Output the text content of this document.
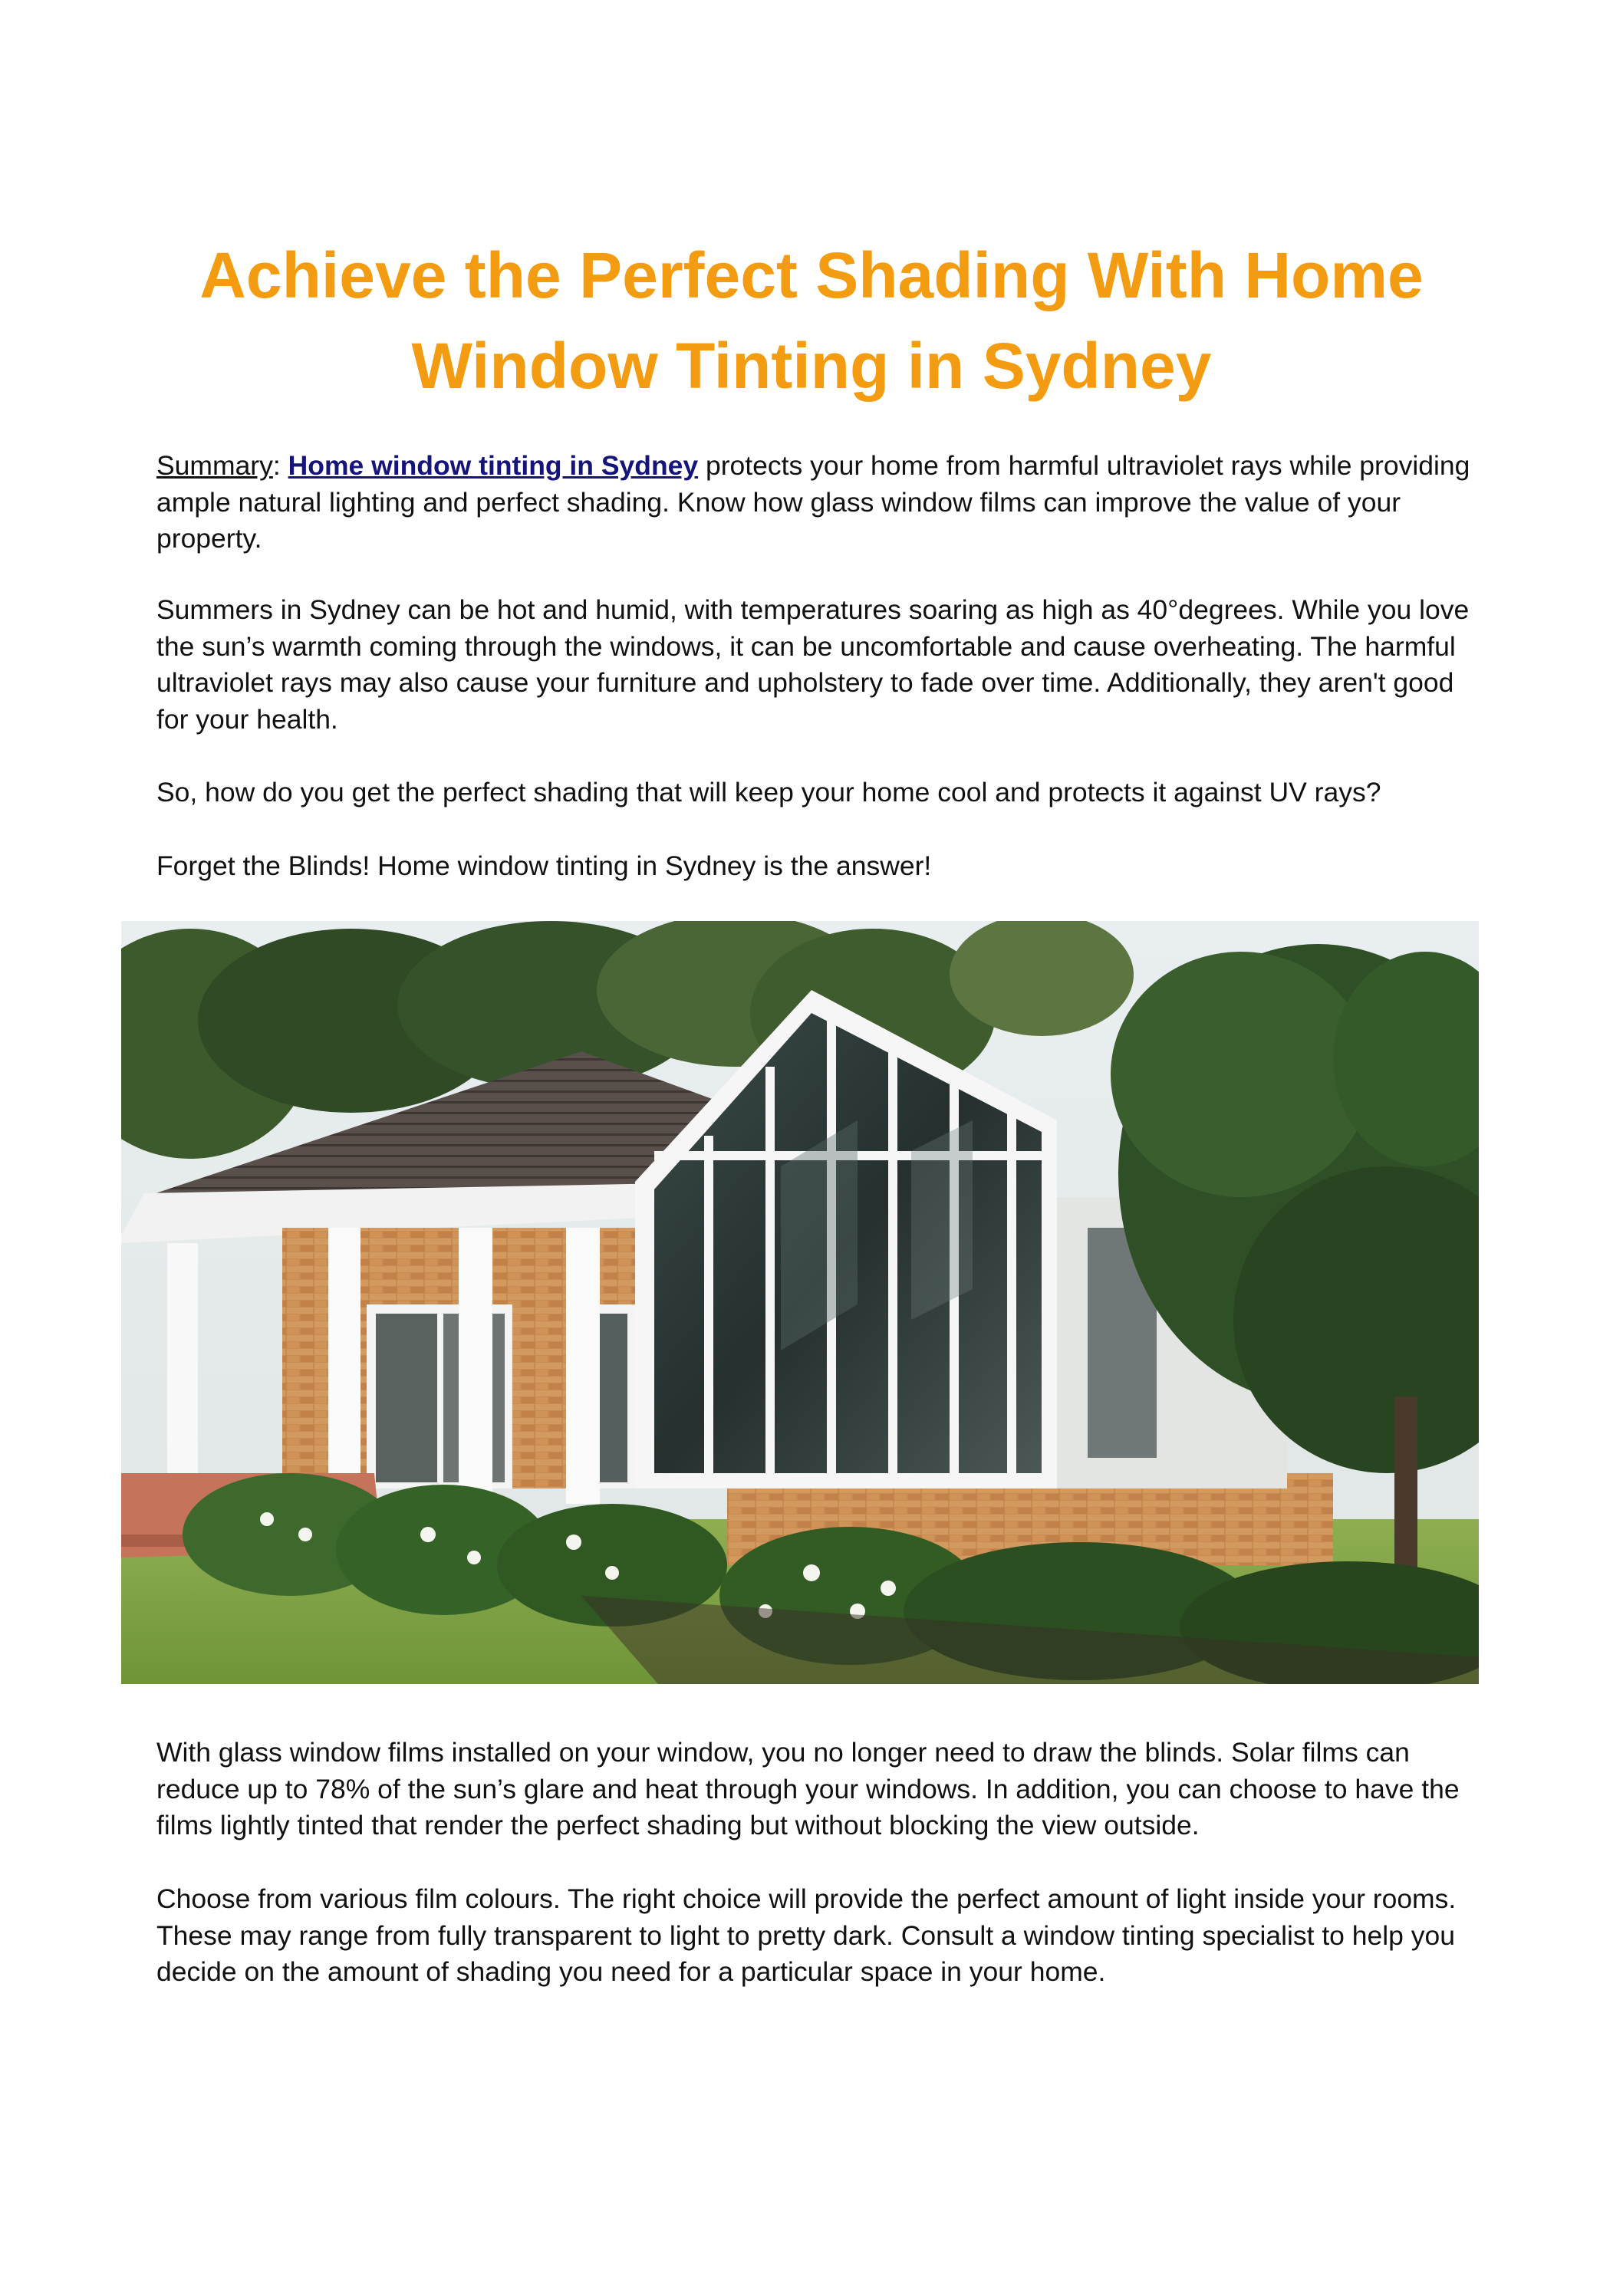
Achieve the Perfect Shading With Home Window Tinting in Sydney

Summary: Home window tinting in Sydney protects your home from harmful ultraviolet rays while providing ample natural lighting and perfect shading. Know how glass window films can improve the value of your property.

Summers in Sydney can be hot and humid, with temperatures soaring as high as 40°degrees. While you love the sun’s warmth coming through the windows, it can be uncomfortable and cause overheating. The harmful ultraviolet rays may also cause your furniture and upholstery to fade over time. Additionally, they aren't good for your health.

So, how do you get the perfect shading that will keep your home cool and protects it against UV rays?

Forget the Blinds! Home window tinting in Sydney is the answer!

With glass window films installed on your window, you no longer need to draw the blinds. Solar films can reduce up to 78% of the sun’s glare and heat through your windows. In addition, you can choose to have the films lightly tinted that render the perfect shading but without blocking the view outside.

Choose from various film colours. The right choice will provide the perfect amount of light inside your rooms. These may range from fully transparent to light to pretty dark. Consult a window tinting specialist to help you decide on the amount of shading you need for a particular space in your home.
